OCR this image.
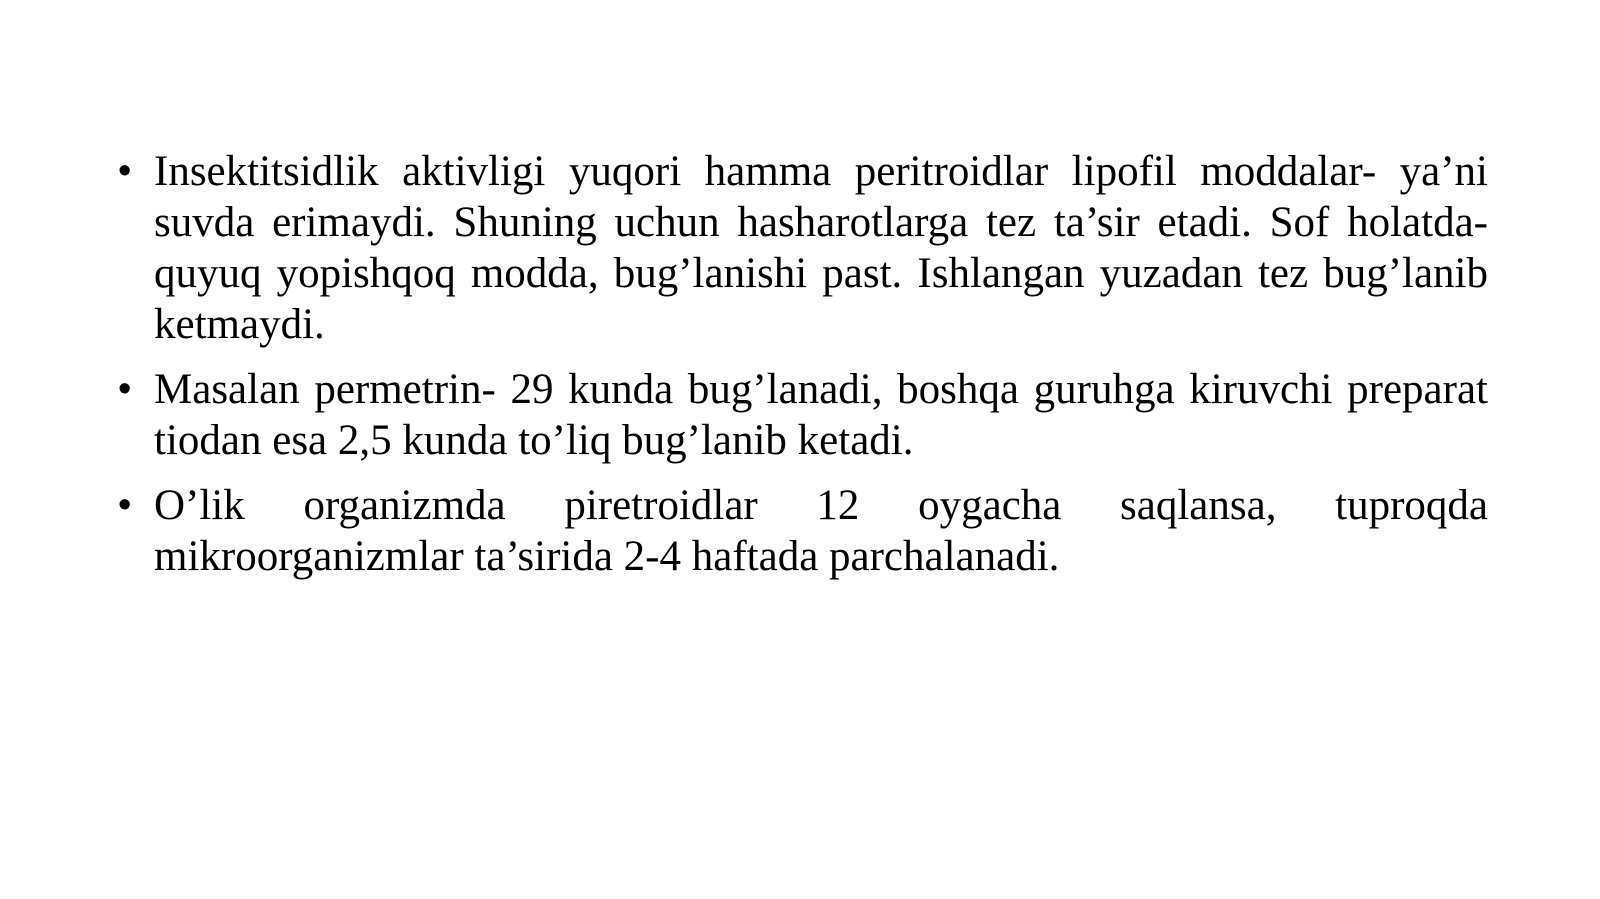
• Insektitsidlik aktivligi yuqori hamma peritroidlar lipofil moddalar- ya’ni suvda erimaydi. Shuning uchun hasharotlarga tez ta’sir etadi. Sof holatda- quyuq yopishqoq modda, bug’lanishi past. Ishlangan yuzadan tez bug’lanib ketmaydi.
• Masalan permetrin- 29 kunda bug’lanadi, boshqa guruhga kiruvchi preparat tiodan esa 2,5 kunda to’liq bug’lanib ketadi.
• O’lik organizmda piretroidlar 12 oygacha saqlansa, tuproqda mikroorganizmlar ta’sirida 2-4 haftada parchalanadi.
